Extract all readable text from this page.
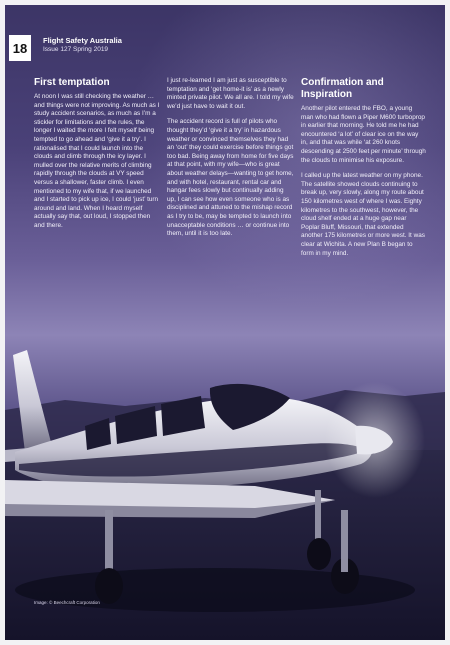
18	Flight Safety Australia
Issue 127 Spring 2019
First temptation

At noon I was still checking the weather … and things were not improving. As much as I study accident scenarios, as much as I’m a stickler for limitations and the rules, the longer I waited the more I felt myself being tempted to go ahead and ‘give it a try’. I rationalised that I could launch into the clouds and climb through the icy layer. I mulled over the relative merits of climbing rapidly through the clouds at VY speed versus a shallower, faster climb. I even mentioned to my wife that, if we launched and I started to pick up ice, I could ‘just’ turn around and land. When I heard myself actually say that, out loud, I stopped then and there.

I just re-learned I am just as susceptible to temptation and ‘get home-it is’ as a newly minted private pilot. We all are. I told my wife we’d just have to wait it out.

The accident record is full of pilots who thought they’d ‘give it a try’ in hazardous weather or convinced themselves they had an ‘out’ they could exercise before things got too bad. Being away from home for five days at that point, with my wife—who is great about weather delays—wanting to get home, and with hotel, restaurant, rental car and hangar fees slowly but continually adding up, I can see how even someone who is as disciplined and attuned to the mishap record as I try to be, may be tempted to launch into unacceptable conditions … or continue into them, until it is too late.

Confirmation and Inspiration

Another pilot entered the FBO, a young man who had flown a Piper M600 turboprop in earlier that morning. He told me he had encountered ‘a lot’ of clear ice on the way in, and that was while ‘at 260 knots descending at 2500 feet per minute’ through the clouds to minimise his exposure.

I called up the latest weather on my phone. The satellite showed clouds continuing to break up, very slowly, along my route about 150 kilometres west of where I was. Eighty kilometres to the southwest, however, the cloud shelf ended at a huge gap near Poplar Bluff, Missouri, that extended another 175 kilometres or more west. It was clear at Wichita. A new Plan B began to form in my mind.

Image: © Beechcraft Corporation
